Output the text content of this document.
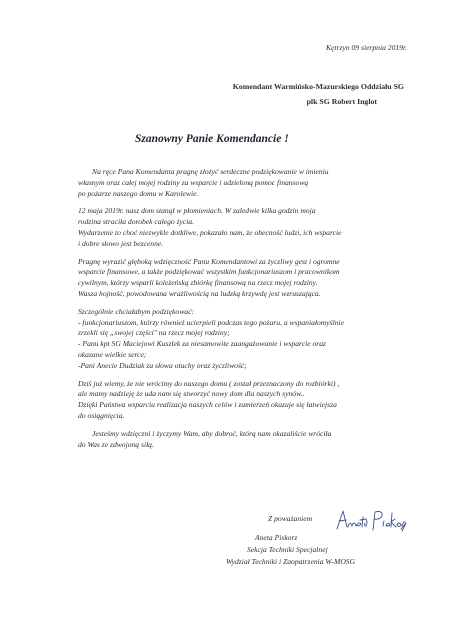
Kętrzyn 09 sierpnia 2019r.
Komendant Warmińsko-Mazurskiego Oddziału SG
plk SG Robert Inglot
Szanowny Panie Komendancie !

Na ręce Pana Komendanta pragnę złożyć serdeczne podziękowanie w imieniu
własnym oraz całej mojej rodziny za wsparcie i udzieloną pomoc finansową
po pożarze naszego domu w Karolewie.

12 maja 2019r. nasz dom stanął w płomieniach. W zaledwie kilka godzin moja
rodzina straciła dorobek całego życia.
Wydarzenie to choć niezwykle dotkliwe, pokazało nam, że obecność ludzi, ich wsparcie
i dobre słowo jest bezcenne.

Pragnę wyrazić głęboką wdzięczność Panu Komendantowi za życzliwy gest i ogromne
wsparcie finansowe, a także podziękować wszystkim funkcjonariuszom i pracownikom
cywilnym, którzy wsparli koleżeńską zbiórkę finansową na rzecz mojej rodziny.
Wasza hojność, powodowana wrażliwością na ludzką krzywdę jest wzruszająca.

Szczególnie chciałabym podziękować:
- funkcjonariuszom, którzy również ucierpieli podczas tego pożaru, a wspaniałomyślnie
zrzekli się „swojej części" na rzecz mojej rodziny;
- Panu kpt SG Maciejowi Kuszlek za niesamowite zaangażowanie i wsparcie oraz
okazane wielkie serce;
-Pani Anecie Dudziak za słowa otuchy oraz życzliwość;

Dziś już wiemy, że nie wrócimy do naszego domu ( został przeznaczony do rozbiórki) ,
ale mamy nadzieję że uda nam się stworzyć nowy dom dla naszych synów..
Dzięki Państwa wsparciu realizacja naszych celów i zamierzeń okazuje się łatwiejsza
do osiągnięcia.

Jesteśmy wdzięczni i życzymy Wam, aby dobroć, którą nam okazaliście wróciła
do Was ze zdwojoną siłą.

Z poważaniem
Aneta Piskorz
Sekcja Techniki Specjalnej
Wydział Techniki i Zaopatrzenia W-MOSG
